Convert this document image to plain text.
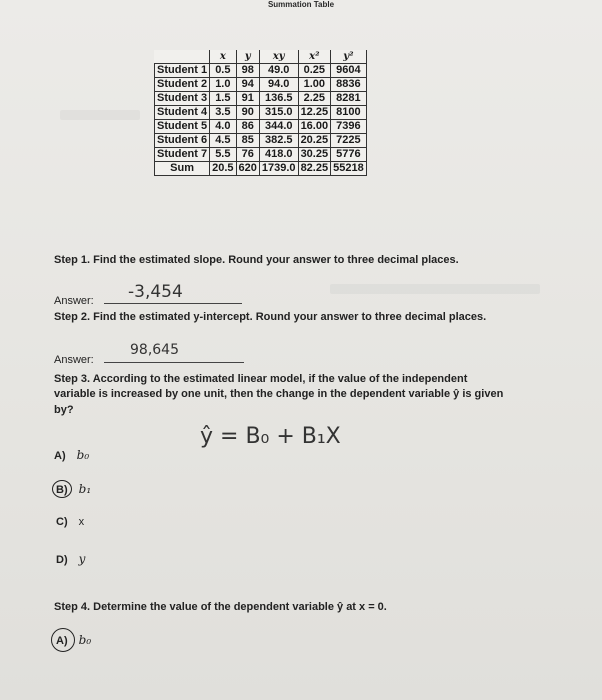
Summation Table
	x	y	xy	x²	y²
Student 1	0.5	98	49.0	0.25	9604
Student 2	1.0	94	94.0	1.00	8836
Student 3	1.5	91	136.5	2.25	8281
Student 4	3.5	90	315.0	12.25	8100
Student 5	4.0	86	344.0	16.00	7396
Student 6	4.5	85	382.5	20.25	7225
Student 7	5.5	76	418.0	30.25	5776
Sum	20.5	620	1739.0	82.25	55218
Step 1. Find the estimated slope. Round your answer to three decimal places.
Answer: -3,454
Step 2. Find the estimated y-intercept. Round your answer to three decimal places.
Answer:
98,645
Step 3. According to the estimated linear model, if the value of the independent
variable is increased by one unit, then the change in the dependent variable ŷ is given
by?
ŷ = B₀ + B₁X
A) b₀
B) b₁
C) x
D) y
Step 4. Determine the value of the dependent variable ŷ at x = 0.
A) b₀
